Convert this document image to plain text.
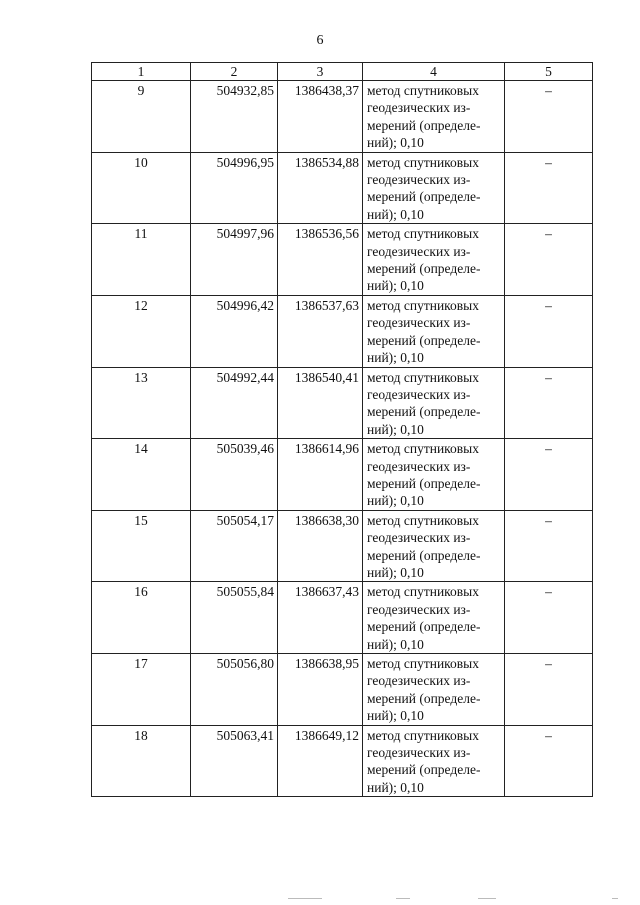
6
1	2	3	4	5
9	504932,85	1386438,37	метод спутниковых
геодезических из-
мерений (определе-
ний); 0,10	–
10	504996,95	1386534,88	метод спутниковых
геодезических из-
мерений (определе-
ний); 0,10	–
11	504997,96	1386536,56	метод спутниковых
геодезических из-
мерений (определе-
ний); 0,10	–
12	504996,42	1386537,63	метод спутниковых
геодезических из-
мерений (определе-
ний); 0,10	–
13	504992,44	1386540,41	метод спутниковых
геодезических из-
мерений (определе-
ний); 0,10	–
14	505039,46	1386614,96	метод спутниковых
геодезических из-
мерений (определе-
ний); 0,10	–
15	505054,17	1386638,30	метод спутниковых
геодезических из-
мерений (определе-
ний); 0,10	–
16	505055,84	1386637,43	метод спутниковых
геодезических из-
мерений (определе-
ний); 0,10	–
17	505056,80	1386638,95	метод спутниковых
геодезических из-
мерений (определе-
ний); 0,10	–
18	505063,41	1386649,12	метод спутниковых
геодезических из-
мерений (определе-
ний); 0,10	–
